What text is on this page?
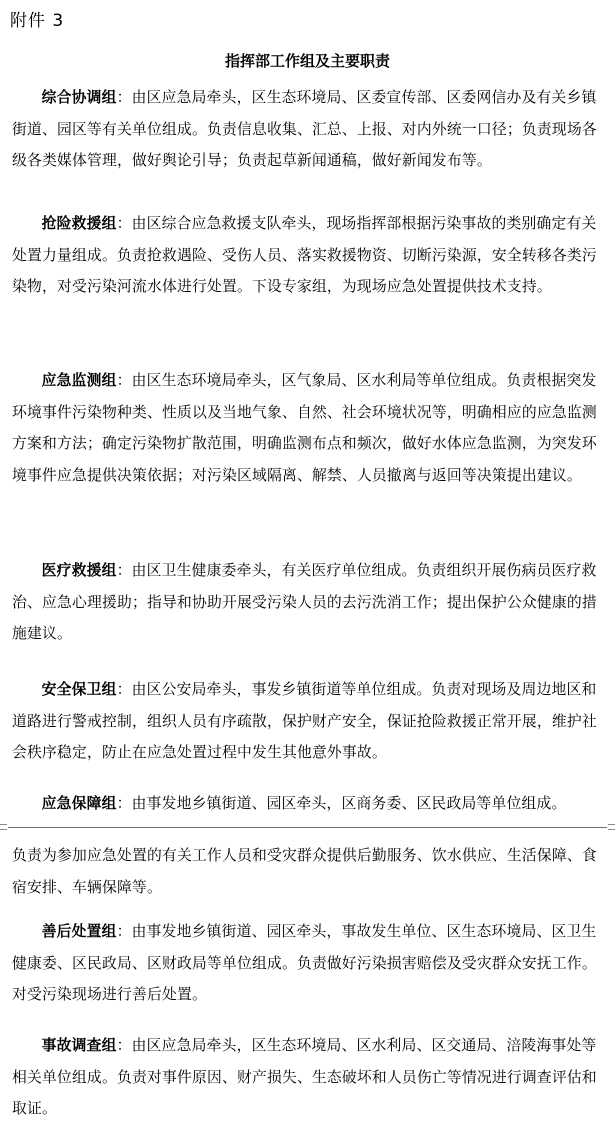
附件 3
指挥部工作组及主要职责

综合协调组：由区应急局牵头，区生态环境局、区委宣传部、区委网信办及有关乡镇街道、园区等有关单位组成。负责信息收集、汇总、上报、对内外统一口径；负责现场各级各类媒体管理，做好舆论引导；负责起草新闻通稿，做好新闻发布等。

抢险救援组：由区综合应急救援支队牵头，现场指挥部根据污染事故的类别确定有关处置力量组成。负责抢救遇险、受伤人员、落实救援物资、切断污染源，安全转移各类污染物，对受污染河流水体进行处置。下设专家组，为现场应急处置提供技术支持。

应急监测组：由区生态环境局牵头，区气象局、区水利局等单位组成。负责根据突发环境事件污染物种类、性质以及当地气象、自然、社会环境状况等，明确相应的应急监测方案和方法；确定污染物扩散范围，明确监测布点和频次，做好水体应急监测，为突发环境事件应急提供决策依据；对污染区域隔离、解禁、人员撤离与返回等决策提出建议。

医疗救援组：由区卫生健康委牵头，有关医疗单位组成。负责组织开展伤病员医疗救治、应急心理援助；指导和协助开展受污染人员的去污洗消工作；提出保护公众健康的措施建议。

安全保卫组：由区公安局牵头，事发乡镇街道等单位组成。负责对现场及周边地区和道路进行警戒控制，组织人员有序疏散，保护财产安全，保证抢险救援正常开展，维护社会秩序稳定，防止在应急处置过程中发生其他意外事故。

应急保障组：由事发地乡镇街道、园区牵头，区商务委、区民政局等单位组成。

负责为参加应急处置的有关工作人员和受灾群众提供后勤服务、饮水供应、生活保障、食宿安排、车辆保障等。

善后处置组：由事发地乡镇街道、园区牵头，事故发生单位、区生态环境局、区卫生健康委、区民政局、区财政局等单位组成。负责做好污染损害赔偿及受灾群众安抚工作。对受污染现场进行善后处置。

事故调查组：由区应急局牵头，区生态环境局、区水利局、区交通局、涪陵海事处等相关单位组成。负责对事件原因、财产损失、生态破坏和人员伤亡等情况进行调查评估和取证。
